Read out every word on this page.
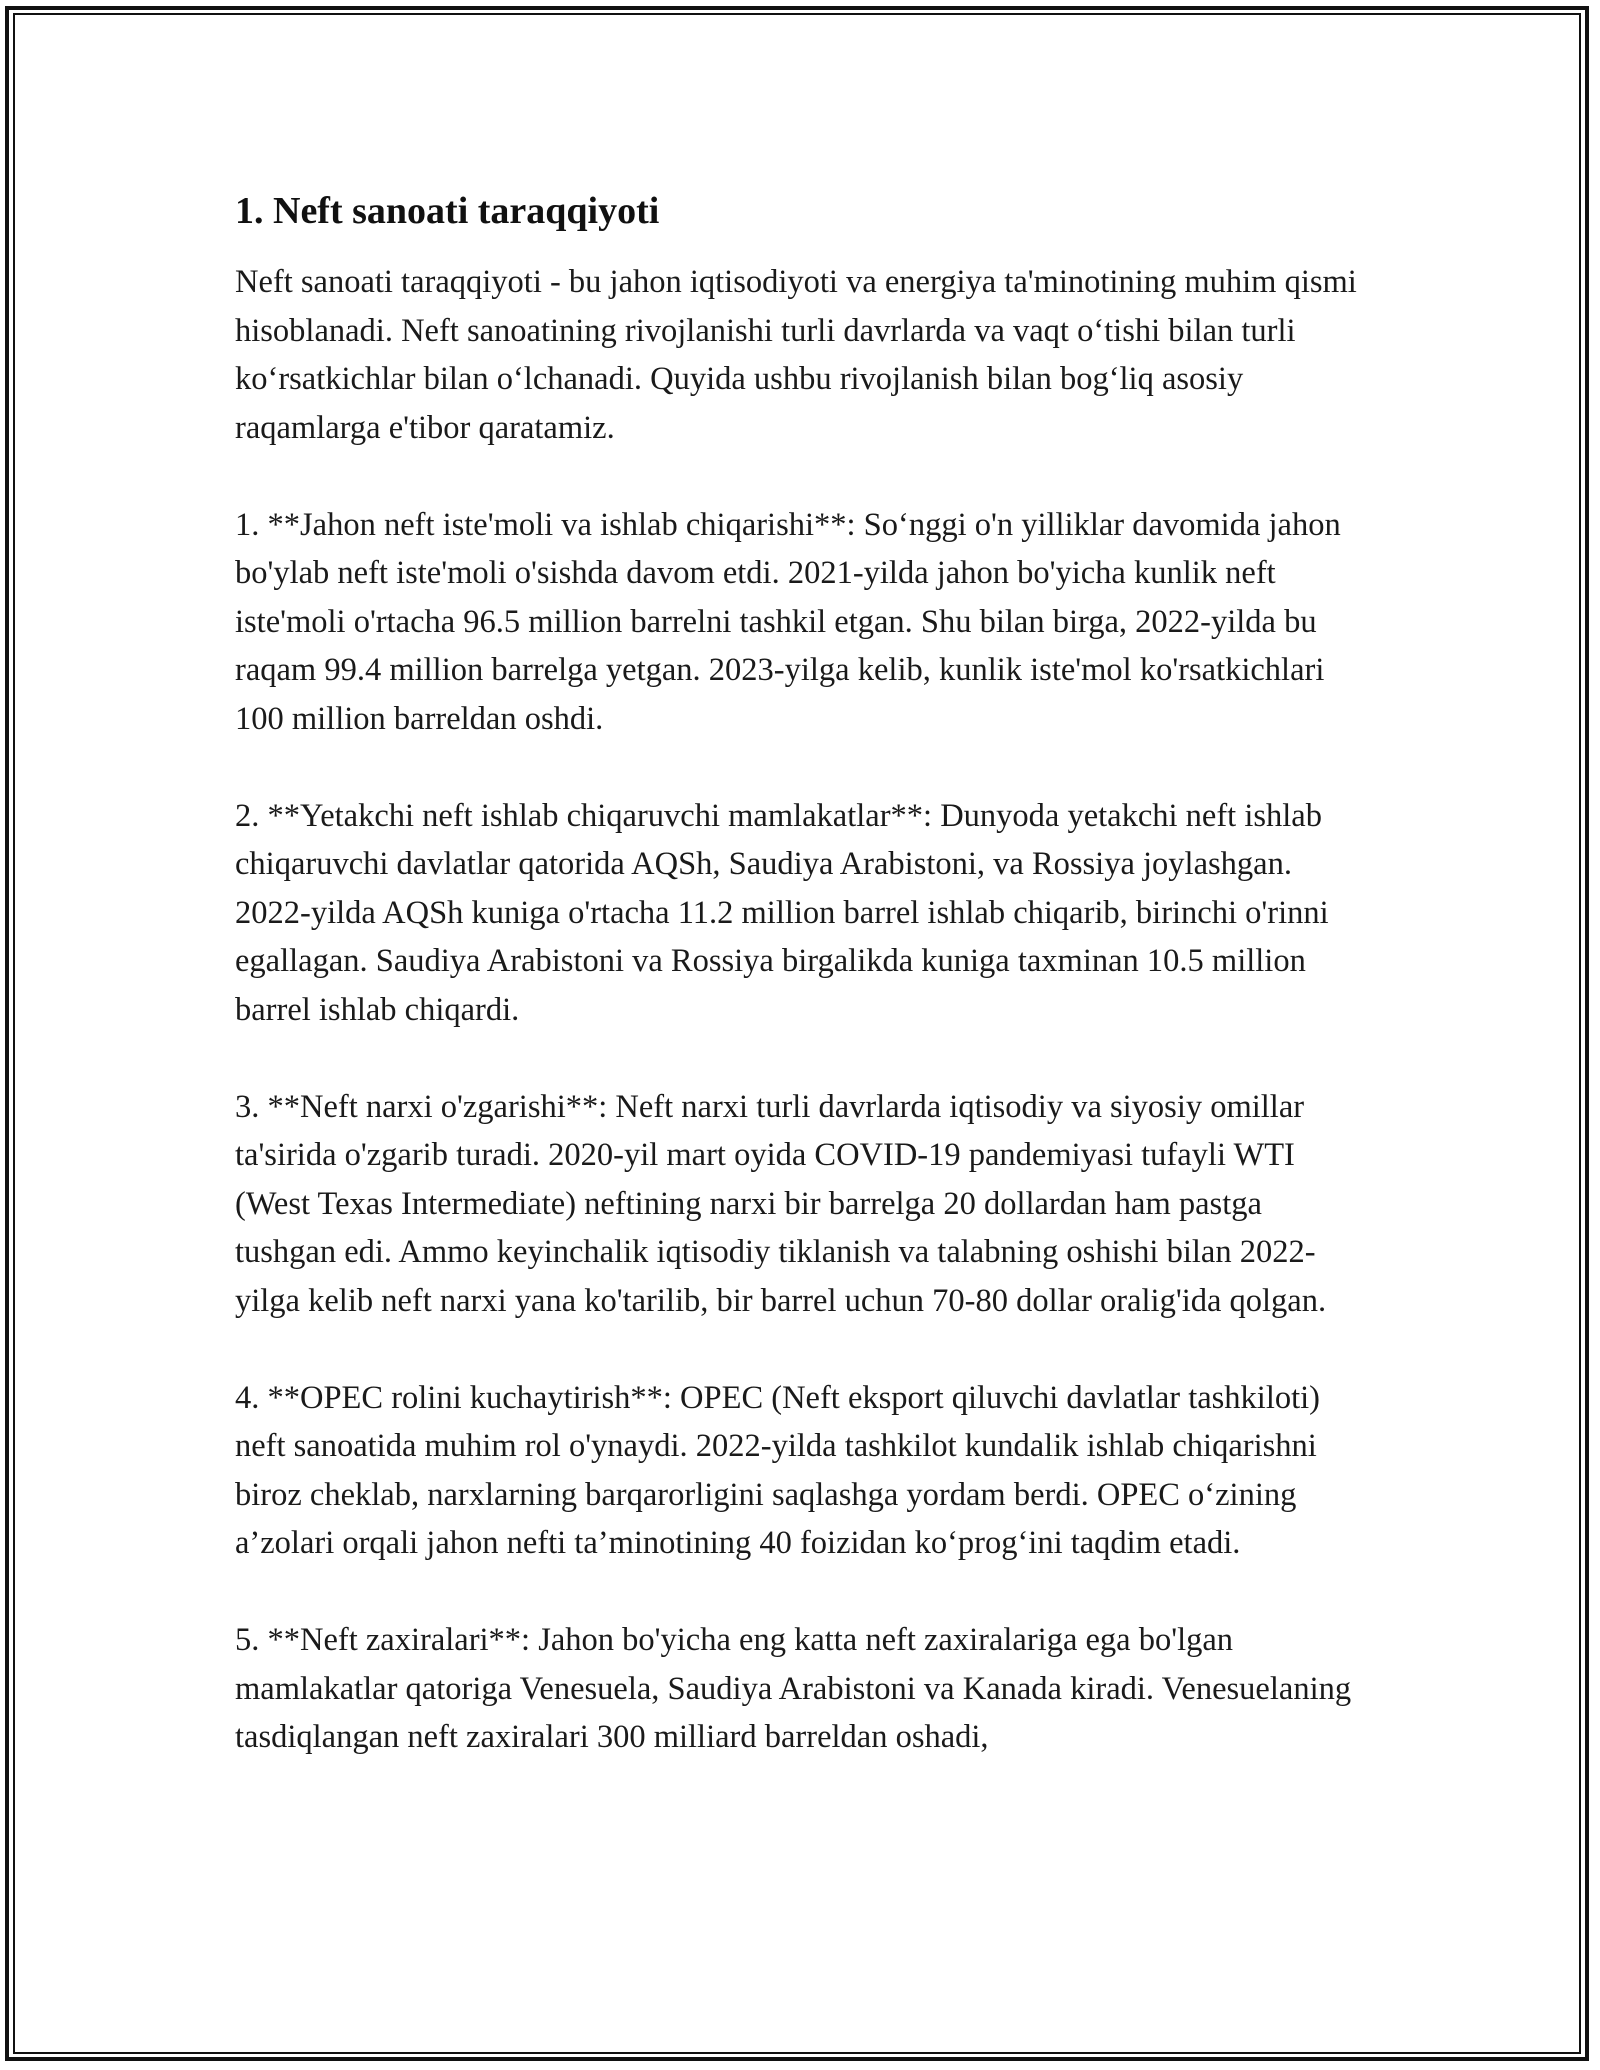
1. Neft sanoati taraqqiyoti

Neft sanoati taraqqiyoti - bu jahon iqtisodiyoti va energiya ta'minotining muhim qismi hisoblanadi. Neft sanoatining rivojlanishi turli davrlarda va vaqt o‘tishi bilan turli ko‘rsatkichlar bilan o‘lchanadi. Quyida ushbu rivojlanish bilan bog‘liq asosiy raqamlarga e'tibor qaratamiz.

1. **Jahon neft iste'moli va ishlab chiqarishi**: So‘nggi o'n yilliklar davomida jahon bo'ylab neft iste'moli o'sishda davom etdi. 2021-yilda jahon bo'yicha kunlik neft iste'moli o'rtacha 96.5 million barrelni tashkil etgan. Shu bilan birga, 2022-yilda bu raqam 99.4 million barrelga yetgan. 2023-yilga kelib, kunlik iste'mol ko'rsatkichlari 100 million barreldan oshdi.

2. **Yetakchi neft ishlab chiqaruvchi mamlakatlar**: Dunyoda yetakchi neft ishlab chiqaruvchi davlatlar qatorida AQSh, Saudiya Arabistoni, va Rossiya joylashgan. 2022-yilda AQSh kuniga o'rtacha 11.2 million barrel ishlab chiqarib, birinchi o'rinni egallagan. Saudiya Arabistoni va Rossiya birgalikda kuniga taxminan 10.5 million barrel ishlab chiqardi.

3. **Neft narxi o'zgarishi**: Neft narxi turli davrlarda iqtisodiy va siyosiy omillar ta'sirida o'zgarib turadi. 2020-yil mart oyida COVID-19 pandemiyasi tufayli WTI (West Texas Intermediate) neftining narxi bir barrelga 20 dollardan ham pastga tushgan edi. Ammo keyinchalik iqtisodiy tiklanish va talabning oshishi bilan 2022-yilga kelib neft narxi yana ko'tarilib, bir barrel uchun 70-80 dollar oralig'ida qolgan.

4. **OPEC rolini kuchaytirish**: OPEC (Neft eksport qiluvchi davlatlar tashkiloti) neft sanoatida muhim rol o'ynaydi. 2022-yilda tashkilot kundalik ishlab chiqarishni biroz cheklab, narxlarning barqarorligini saqlashga yordam berdi. OPEC o‘zining a’zolari orqali jahon nefti ta’minotining 40 foizidan ko‘prog‘ini taqdim etadi.

5. **Neft zaxiralari**: Jahon bo'yicha eng katta neft zaxiralariga ega bo'lgan mamlakatlar qatoriga Venesuela, Saudiya Arabistoni va Kanada kiradi. Venesuelaning tasdiqlangan neft zaxiralari 300 milliard barreldan oshadi,
